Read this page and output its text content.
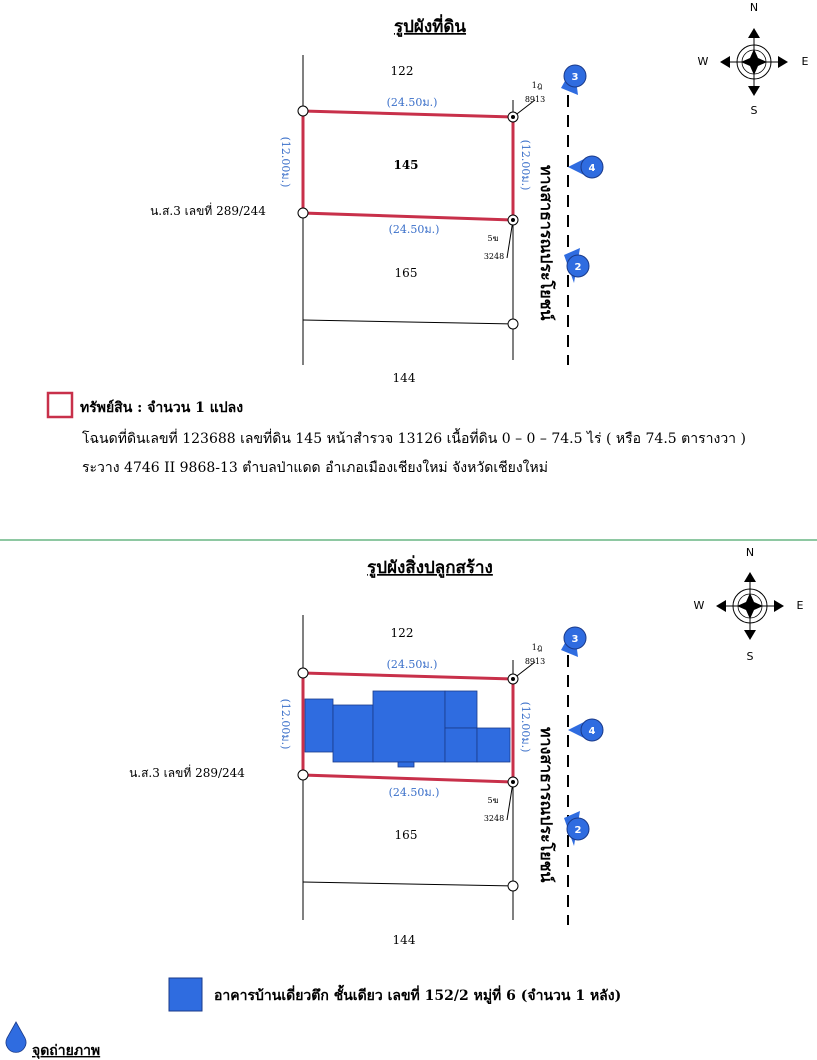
รูปผังที่ดิน
N
S
E
W
122
145
165
144
น.ส.3 เลขที่ 289/244
(24.50ม.)
(24.50ม.)
(12.00ม.)	(12.00ม.)
1ฎ
8913
5ฆ
3248 ทางสาธารณประโยชน์
3
4
2
ทรัพย์สิน : จำนวน 1 แปลง
โฉนดที่ดินเลขที่ 123688 เลขที่ดิน 145 หน้าสำรวจ 13126 เนื้อที่ดิน 0 – 0 – 74.5 ไร่ ( หรือ 74.5 ตารางวา )
ระวาง 4746 II 9868-13 ตำบลป่าแดด อำเภอเมืองเชียงใหม่ จังหวัดเชียงใหม่
รูปผังสิ่งปลูกสร้าง
N
S
E
W
122
165
144
น.ส.3 เลขที่ 289/244
(24.50ม.)
(24.50ม.)
(12.00ม.)	(12.00ม.)
1ฎ
8913
5ฆ
3248 ทางสาธารณประโยชน์
3
4
2
อาคารบ้านเดี่ยวตึก ชั้นเดียว เลขที่ 152/2 หมู่ที่ 6 (จำนวน 1 หลัง)
จุดถ่ายภาพ
